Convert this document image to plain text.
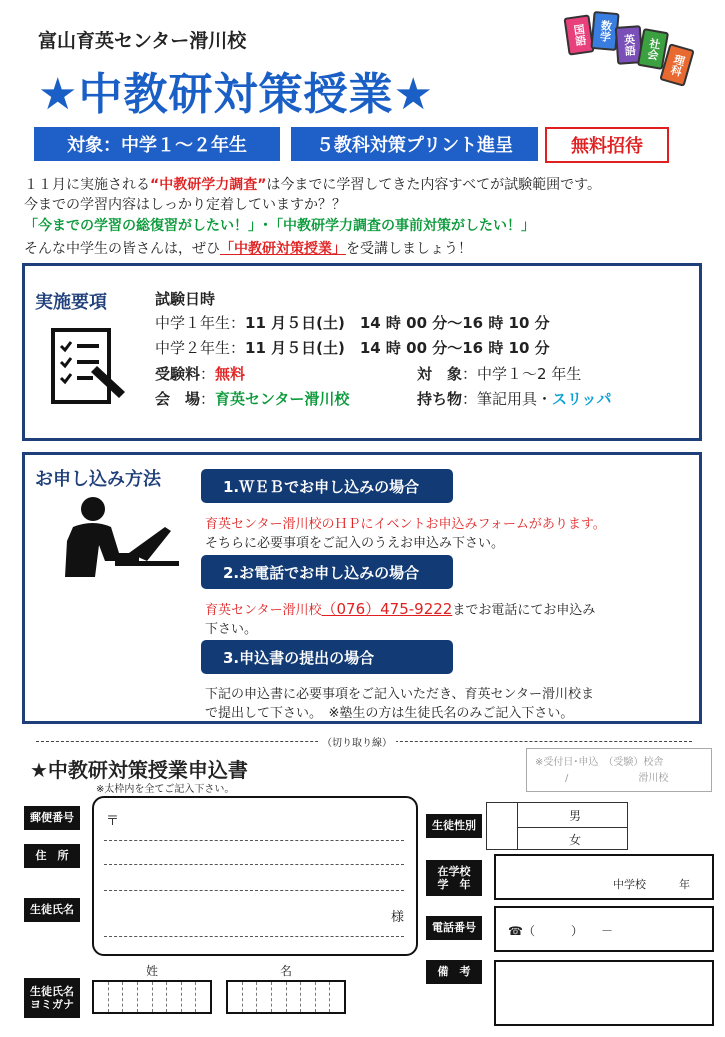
富山育英センター滑川校
★中教研対策授業★
国語 数学
英語 社会
理科
対象：中学１～２年生	５教科対策プリント進呈	無料招待
１１月に実施される“中教研学力調査”は今までに学習してきた内容すべてが試験範囲です。
今までの学習内容はしっかり定着していますか？？
「今までの学習の総復習がしたい！」･「中教研学力調査の事前対策がしたい！」
そんな中学生の皆さんは，ぜひ「中教研対策授業」を受講しましょう！
実施要項	試験日時
中学１年生：11 月５日(土)　14 時 00 分～16 時 10 分
中学２年生：11 月５日(土)　14 時 00 分～16 時 10 分
受験料：無料	対　象：中学１～2 年生
会　場：育英センター滑川校	持ち物：筆記用具・スリッパ
お申し込み方法	1.ＷＥＢでお申し込みの場合
育英センター滑川校のＨＰにイベントお申込みフォームがあります。
そちらに必要事項をご記入のうえお申込み下さい。
2.お電話でお申し込みの場合
育英センター滑川校（076）475-9222までお電話にてお申込み
下さい。
3.申込書の提出の場合
下記の申込書に必要事項をご記入いただき、育英センター滑川校ま
で提出して下さい。　※塾生の方は生徒氏名のみご記入下さい。
（切り取り線）
★中教研対策授業申込書
※太枠内を全てご記入下さい。
※受付日･申込　（受験）校舎
/　　　　　　　滑川校
郵便番号
住　所
生徒氏名
生徒氏名
ヨミガナ
〒
様
姓	名
生徒性別
男
女
在学校
学　年	中学校　　　年
電話番号	☎（　　　）　　－
備　考
